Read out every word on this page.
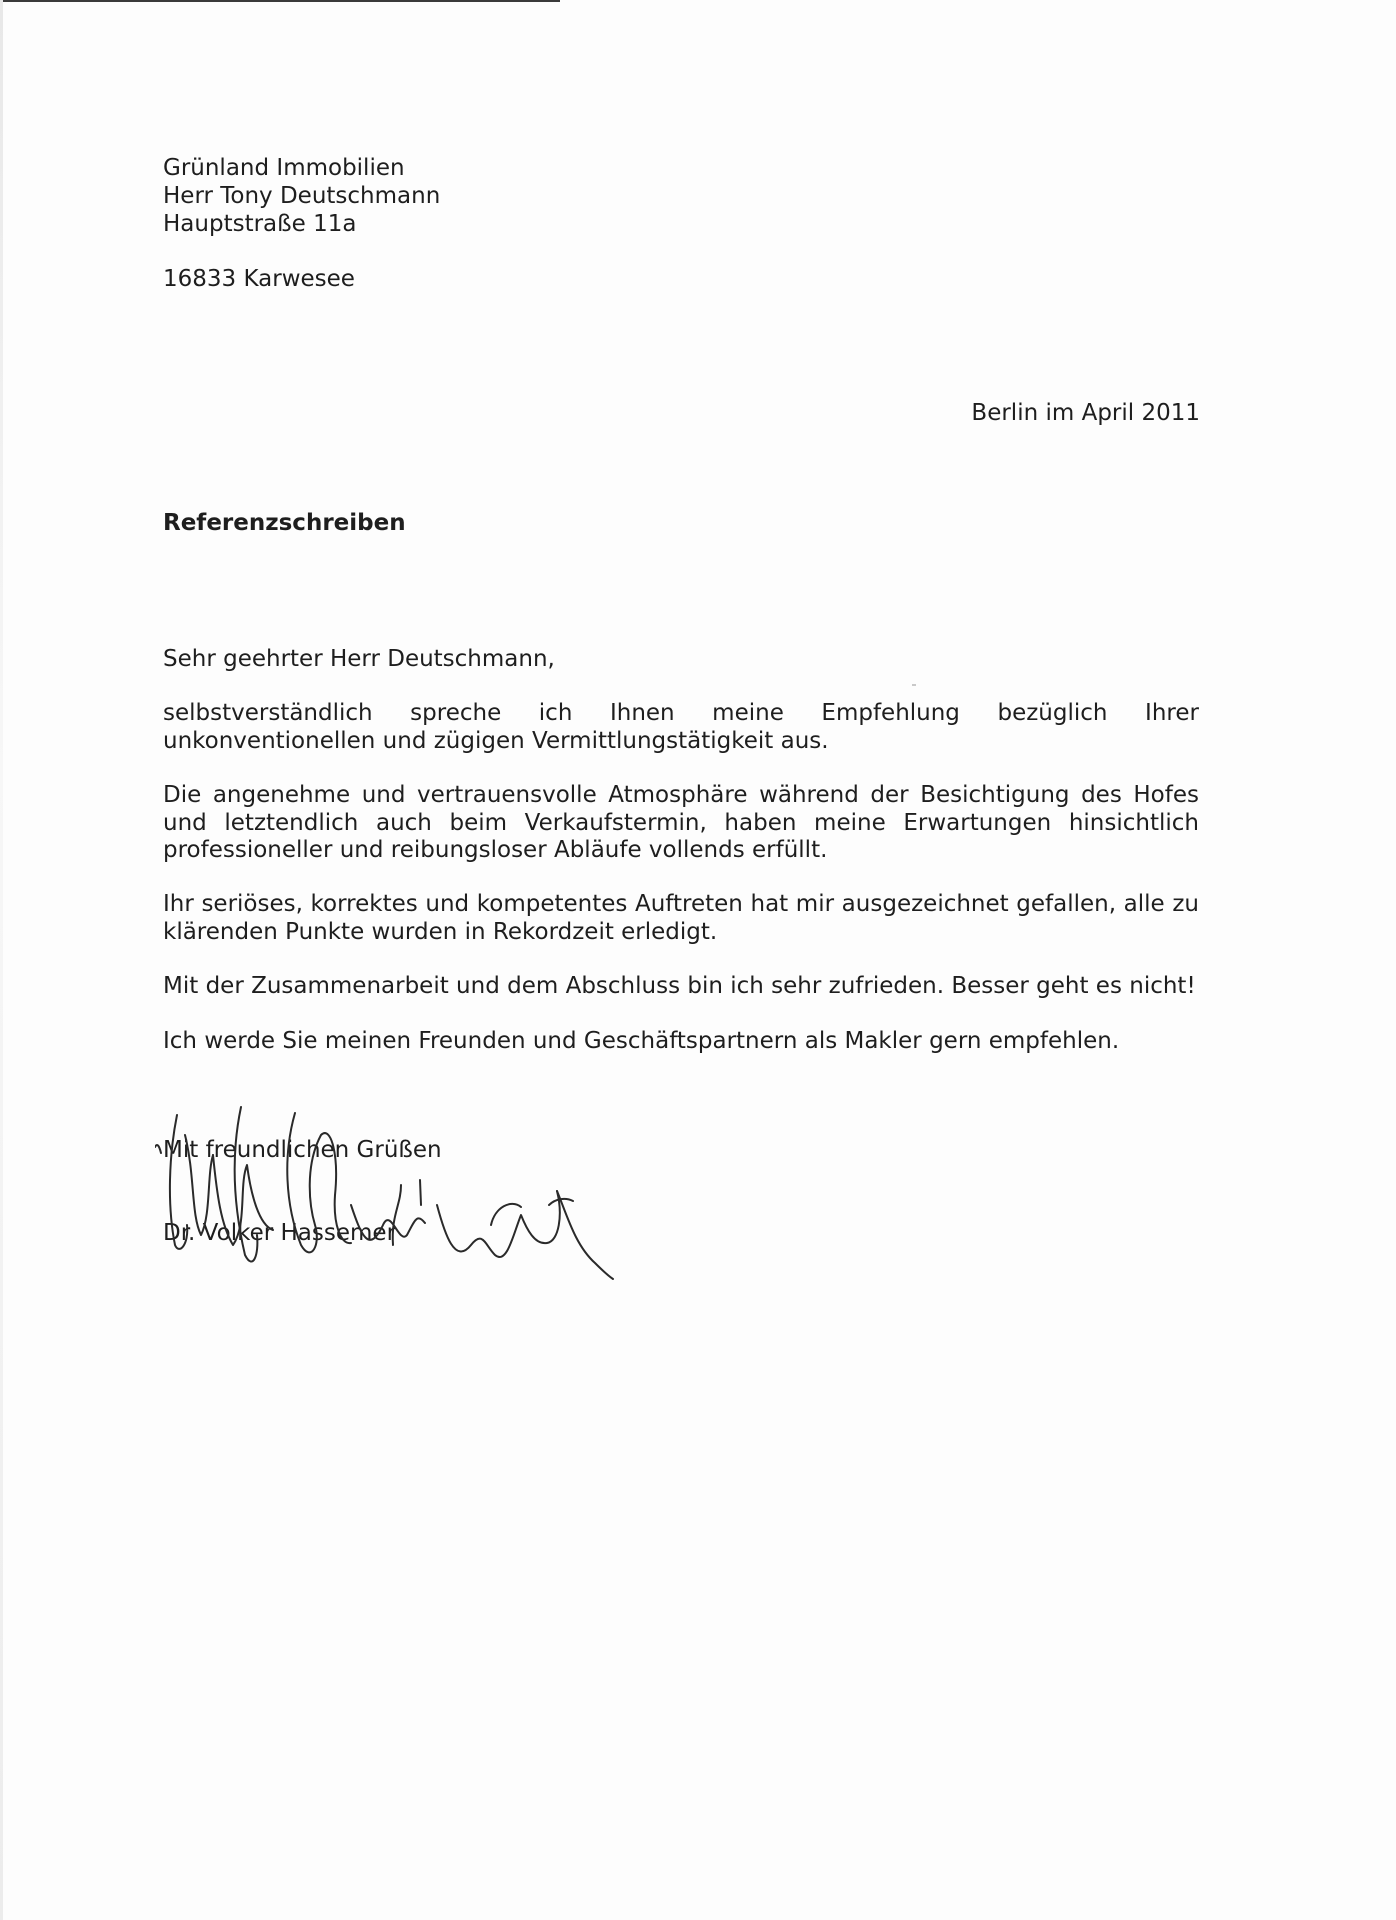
Grünland Immobilien
Herr Tony Deutschmann
Hauptstraße 11a
16833 Karwesee
Berlin im April 2011
Referenzschreiben
Sehr geehrter Herr Deutschmann,
selbstverständlich spreche ich Ihnen meine Empfehlung bezüglich Ihrer
unkonventionellen und zügigen Vermittlungstätigkeit aus.
Die angenehme und vertrauensvolle Atmosphäre während der Besichtigung des Hofes
und letztendlich auch beim Verkaufstermin, haben meine Erwartungen hinsichtlich
professioneller und reibungsloser Abläufe vollends erfüllt.
Ihr seriöses, korrektes und kompetentes Auftreten hat mir ausgezeichnet gefallen, alle zu
klärenden Punkte wurden in Rekordzeit erledigt.
Mit der Zusammenarbeit und dem Abschluss bin ich sehr zufrieden. Besser geht es nicht!
Ich werde Sie meinen Freunden und Geschäftspartnern als Makler gern empfehlen.
Mit freundlichen Grüßen
Dr. Volker Hassemer
